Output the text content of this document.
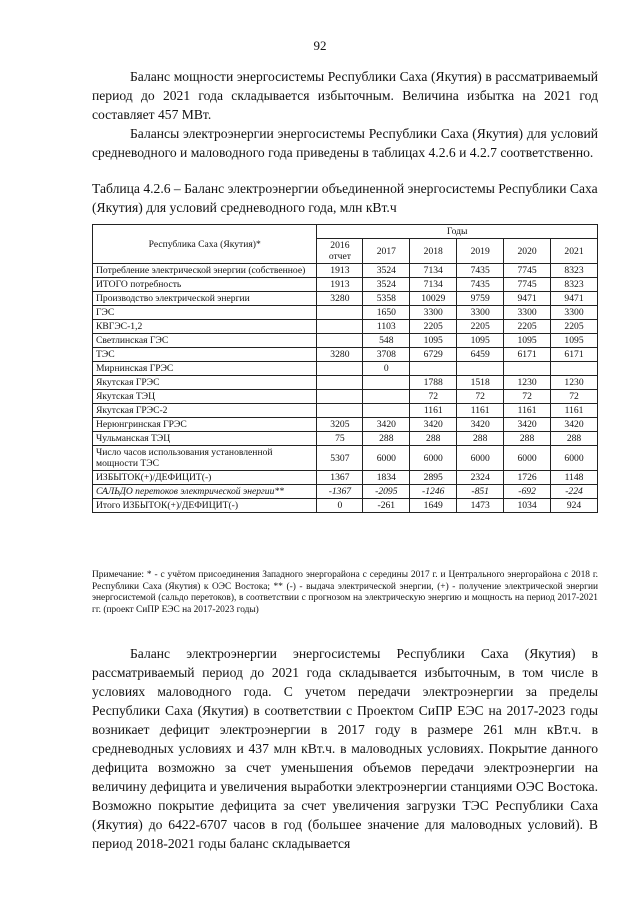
92

Баланс мощности энергосистемы Республики Саха (Якутия) в рассматриваемый период до 2021 года складывается избыточным. Величина избытка на 2021 год составляет 457 МВт.

Балансы электроэнергии энергосистемы Республики Саха (Якутия) для условий средневодного и маловодного года приведены в таблицах 4.2.6 и 4.2.7 соответственно.

Таблица 4.2.6 – Баланс электроэнергии объединенной энергосистемы Республики Саха (Якутия) для условий средневодного года, млн кВт.ч

Республика Саха (Якутия)*	Годы					
	2016 отчет	2017	2018	2019	2020	2021
Потребление электрической энергии (собственное)	1913	3524	7134	7435	7745	8323
ИТОГО потребность	1913	3524	7134	7435	7745	8323
Производство электрической энергии	3280	5358	10029	9759	9471	9471
ГЭС		1650	3300	3300	3300	3300
КВГЭС-1,2		1103	2205	2205	2205	2205
Светлинская ГЭС		548	1095	1095	1095	1095
ТЭС	3280	3708	6729	6459	6171	6171
Мирнинская ГРЭС		0				
Якутская ГРЭС			1788	1518	1230	1230
Якутская ТЭЦ			72	72	72	72
Якутская ГРЭС-2			1161	1161	1161	1161
Нерюнгринская ГРЭС	3205	3420	3420	3420	3420	3420
Чульманская ТЭЦ	75	288	288	288	288	288
Число часов использования установленной мощности ТЭС	5307	6000	6000	6000	6000	6000
ИЗБЫТОК(+)/ДЕФИЦИТ(-)	1367	1834	2895	2324	1726	1148
САЛЬДО перетоков электрической энергии**	-1367	-2095	-1246	-851	-692	-224
Итого ИЗБЫТОК(+)/ДЕФИЦИТ(-)	0	-261	1649	1473	1034	924

Примечание: * - с учётом присоединения Западного энергорайона с середины 2017 г. и Центрального энергорайона с 2018 г. Республики Саха (Якутия) к ОЭС Востока; ** (-) - выдача электрической энергии, (+) - получение электрической энергии энергосистемой (сальдо перетоков), в соответствии с прогнозом на электрическую энергию и мощность на период 2017-2021 гг. (проект СиПР ЕЭС на 2017-2023 годы)

Баланс электроэнергии энергосистемы Республики Саха (Якутия) в рассматриваемый период до 2021 года складывается избыточным, в том числе в условиях маловодного года. С учетом передачи электроэнергии за пределы Республики Саха (Якутия) в соответствии с Проектом СиПР ЕЭС на 2017-2023 годы возникает дефицит электроэнергии в 2017 году в размере 261 млн кВт.ч. в средневодных условиях и 437 млн кВт.ч. в маловодных условиях. Покрытие данного дефицита возможно за счет уменьшения объемов передачи электроэнергии на величину дефицита и увеличения выработки электроэнергии станциями ОЭС Востока. Возможно покрытие дефицита за счет увеличения загрузки ТЭС Республики Саха (Якутия) до 6422-6707 часов в год (большее значение для маловодных условий). В период 2018-2021 годы баланс складывается
